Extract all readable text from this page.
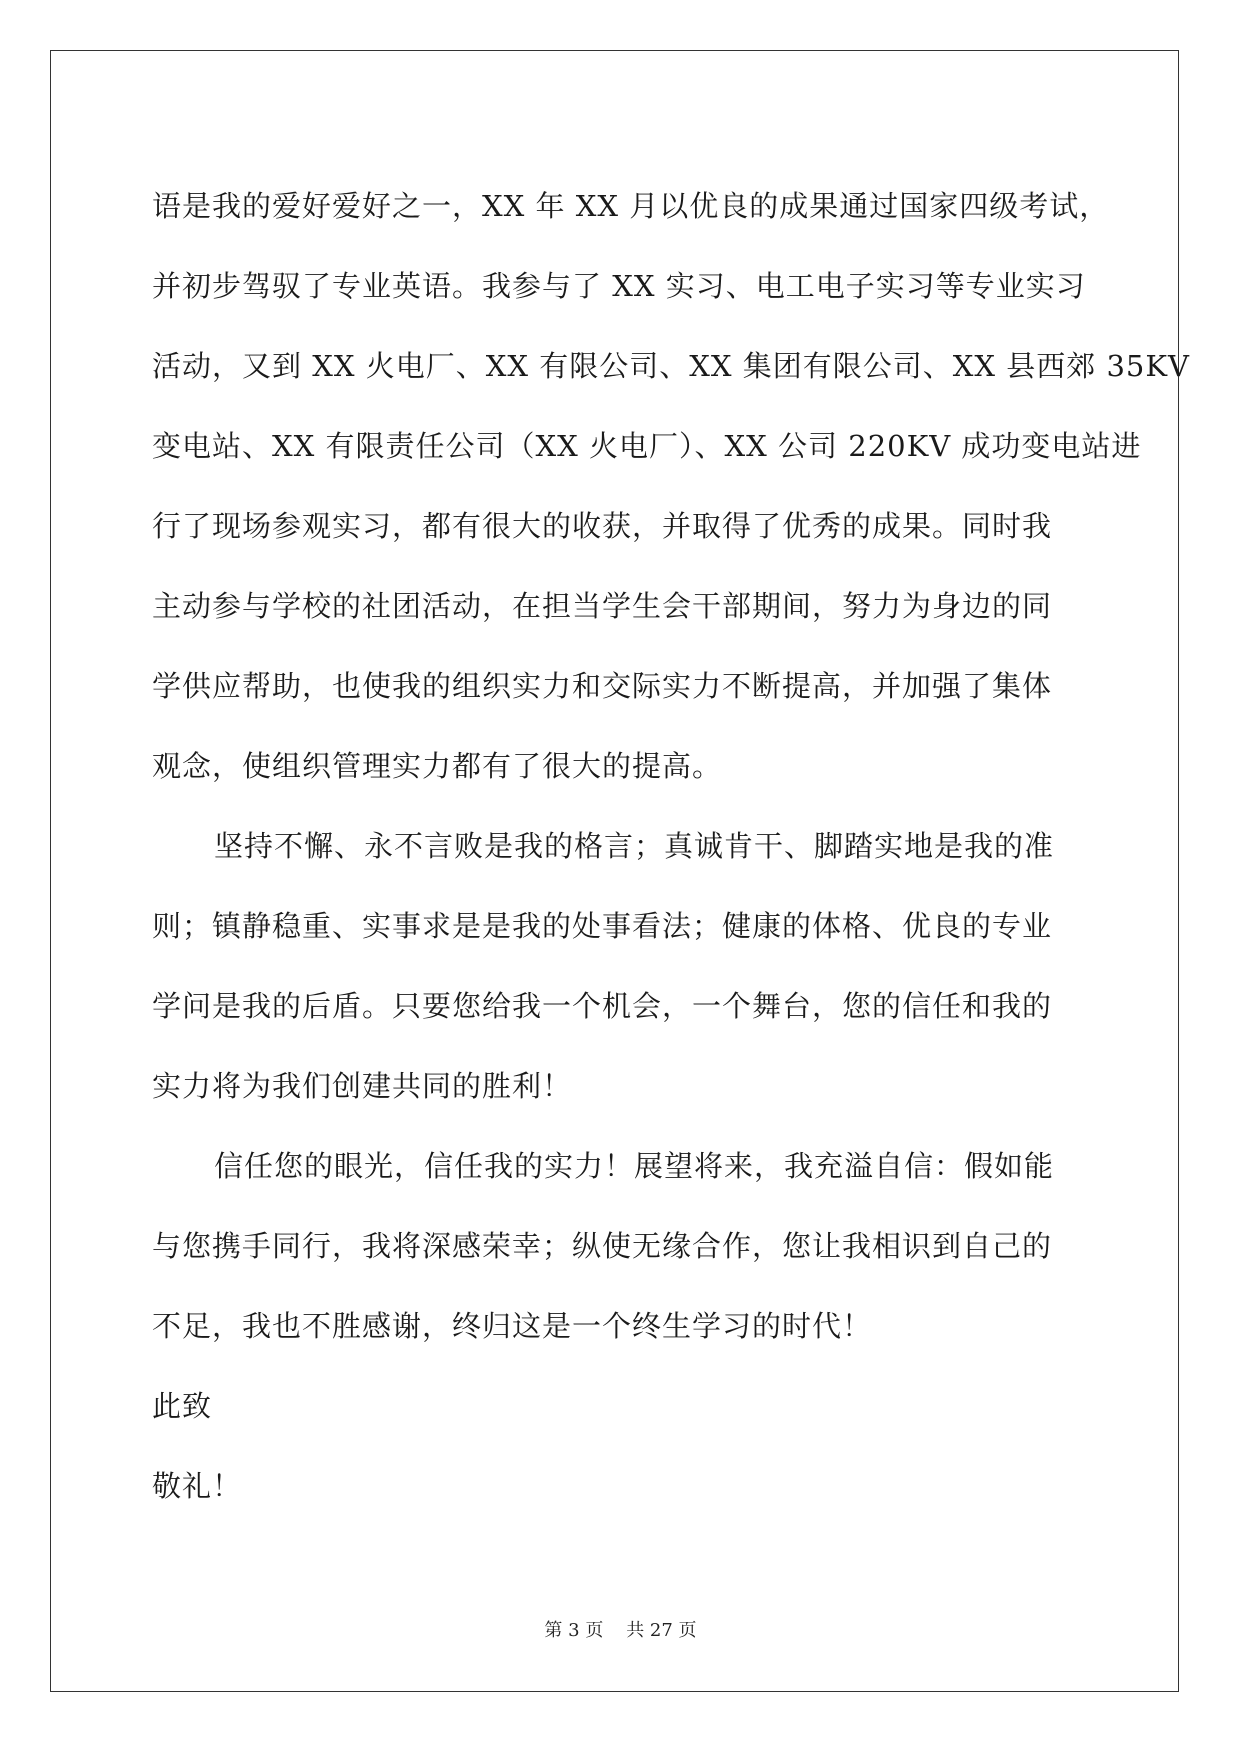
语是我的爱好爱好之一，XX 年 XX 月以优良的成果通过国家四级考试，
并初步驾驭了专业英语。我参与了 XX 实习、电工电子实习等专业实习
活动，又到 XX 火电厂、XX 有限公司、XX 集团有限公司、XX 县西郊 35KV
变电站、XX 有限责任公司（XX 火电厂）、XX 公司 220KV 成功变电站进
行了现场参观实习，都有很大的收获，并取得了优秀的成果。同时我
主动参与学校的社团活动，在担当学生会干部期间，努力为身边的同
学供应帮助，也使我的组织实力和交际实力不断提高，并加强了集体
观念，使组织管理实力都有了很大的提高。
坚持不懈、永不言败是我的格言；真诚肯干、脚踏实地是我的准
则；镇静稳重、实事求是是我的处事看法；健康的体格、优良的专业
学问是我的后盾。只要您给我一个机会，一个舞台，您的信任和我的
实力将为我们创建共同的胜利！
信任您的眼光，信任我的实力！展望将来，我充溢自信：假如能
与您携手同行，我将深感荣幸；纵使无缘合作，您让我相识到自己的
不足，我也不胜感谢，终归这是一个终生学习的时代！
此致
敬礼！
第 3 页    共 27 页
